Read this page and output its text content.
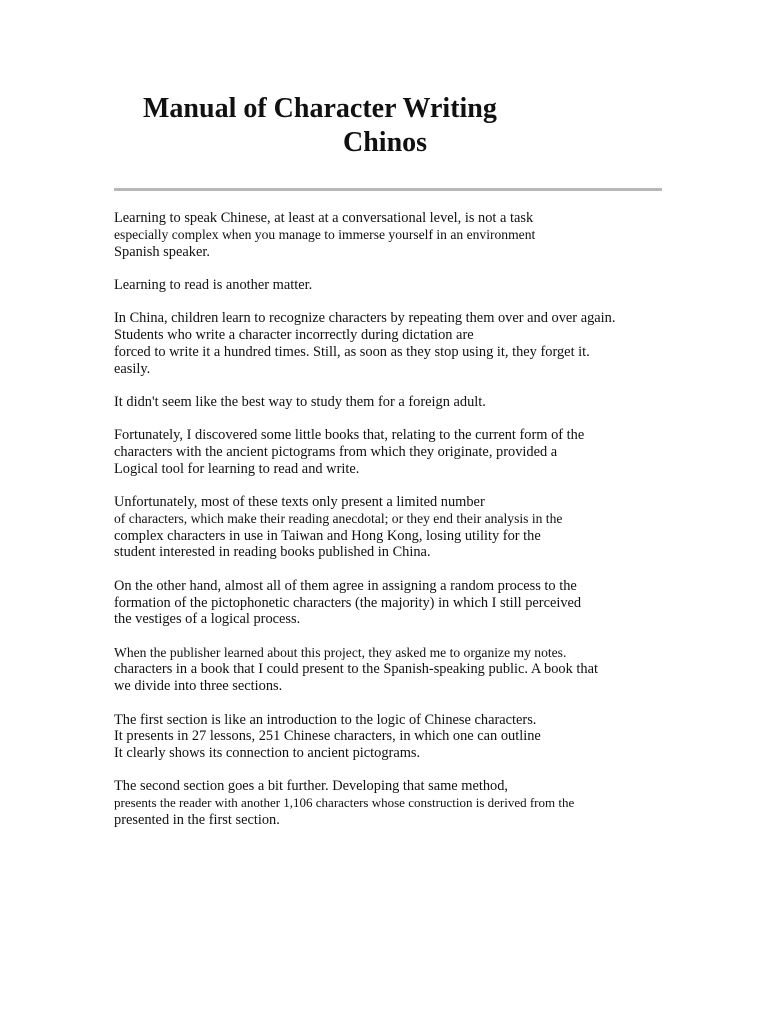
Manual of Character Writing
Chinos

Learning to speak Chinese, at least at a conversational level, is not a task
especially complex when you manage to immerse yourself in an environment
Spanish speaker.

Learning to read is another matter.

In China, children learn to recognize characters by repeating them over and over again.
Students who write a character incorrectly during dictation are
forced to write it a hundred times. Still, as soon as they stop using it, they forget it.
easily.

It didn't seem like the best way to study them for a foreign adult.

Fortunately, I discovered some little books that, relating to the current form of the
characters with the ancient pictograms from which they originate, provided a
Logical tool for learning to read and write.

Unfortunately, most of these texts only present a limited number
of characters, which make their reading anecdotal; or they end their analysis in the
complex characters in use in Taiwan and Hong Kong, losing utility for the
student interested in reading books published in China.

On the other hand, almost all of them agree in assigning a random process to the
formation of the pictophonetic characters (the majority) in which I still perceived
the vestiges of a logical process.

When the publisher learned about this project, they asked me to organize my notes.
characters in a book that I could present to the Spanish-speaking public. A book that
we divide into three sections.

The first section is like an introduction to the logic of Chinese characters.
It presents in 27 lessons, 251 Chinese characters, in which one can outline
It clearly shows its connection to ancient pictograms.

The second section goes a bit further. Developing that same method,
presents the reader with another 1,106 characters whose construction is derived from the
presented in the first section.
